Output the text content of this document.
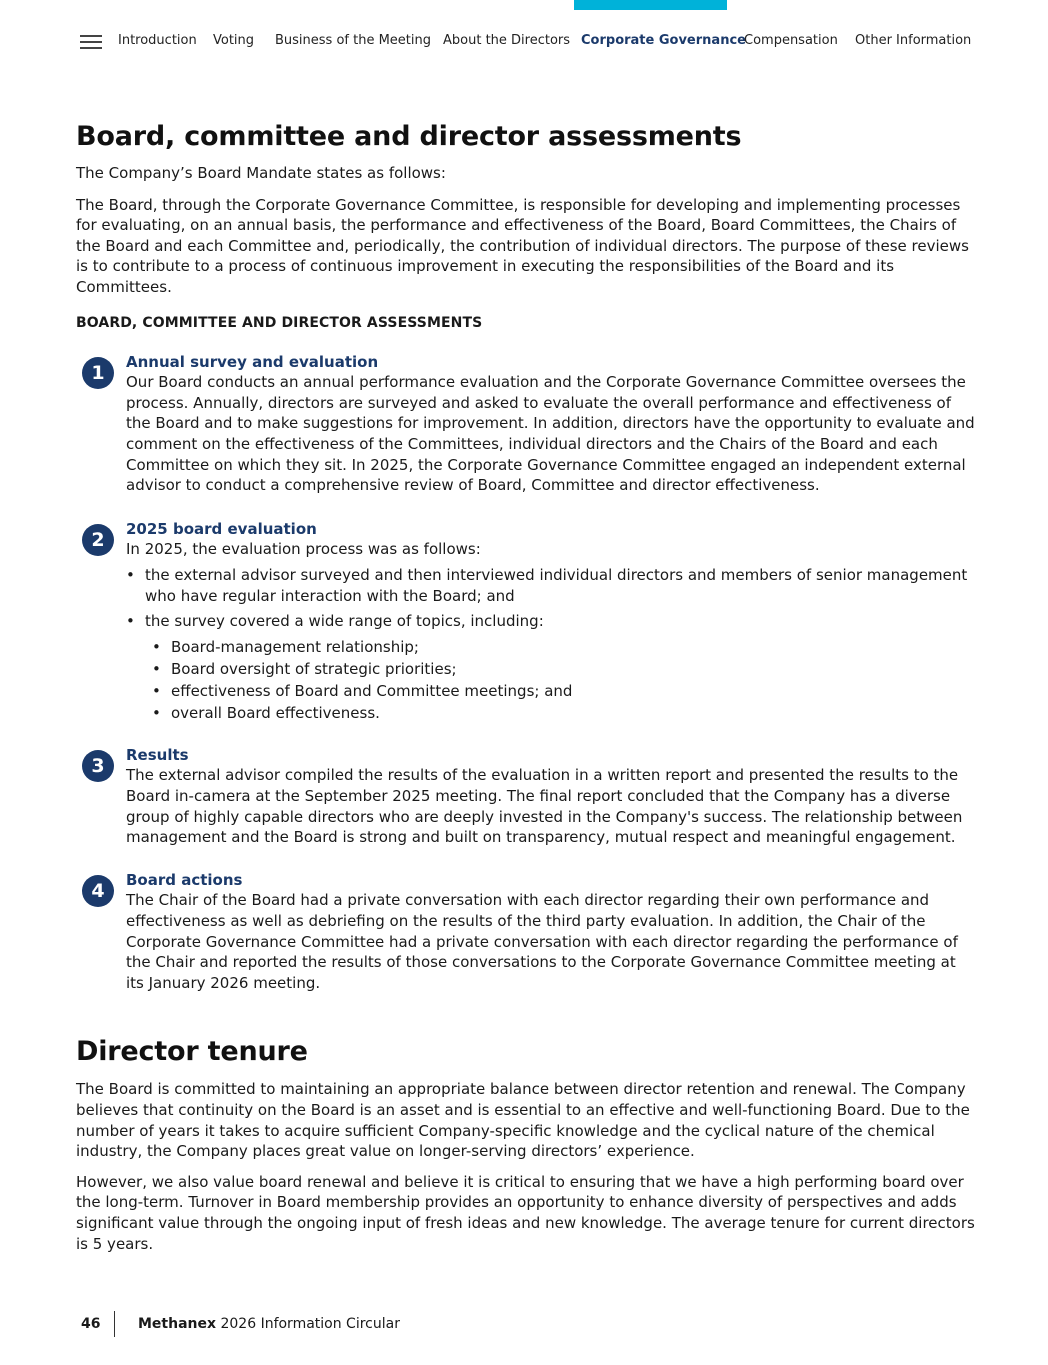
Introduction Voting Business of the Meeting About the Directors Corporate Governance
Compensation Other Information
Board, committee and director assessments

The Company’s Board Mandate states as follows:

The Board, through the Corporate Governance Committee, is responsible for developing and implementing processes for evaluating, on an annual basis, the performance and effectiveness of the Board, Board Committees, the Chairs of the Board and each Committee and, periodically, the contribution of individual directors. The purpose of these reviews is to contribute to a process of continuous improvement in executing the responsibilities of the Board and its Committees.

BOARD, COMMITTEE AND DIRECTOR ASSESSMENTS
1	Annual survey and evaluation

Our Board conducts an annual performance evaluation and the Corporate Governance Committee oversees the process. Annually, directors are surveyed and asked to evaluate the overall performance and effectiveness of the Board and to make suggestions for improvement. In addition, directors have the opportunity to evaluate and comment on the effectiveness of the Committees, individual directors and the Chairs of the Board and each Committee on which they sit. In 2025, the Corporate Governance Committee engaged an independent external advisor to conduct a comprehensive review of Board, Committee and director effectiveness.

2	2025 board evaluation

In 2025, the evaluation process was as follows:

• the external advisor surveyed and then interviewed individual directors and members of senior management who have regular interaction with the Board; and
• the survey covered a wide range of topics, including:
• Board-management relationship;
• Board oversight of strategic priorities;
• effectiveness of Board and Committee meetings; and
• overall Board effectiveness.
3	Results

The external advisor compiled the results of the evaluation in a written report and presented the results to the Board in-camera at the September 2025 meeting. The final report concluded that the Company has a diverse group of highly capable directors who are deeply invested in the Company's success. The relationship between management and the Board is strong and built on transparency, mutual respect and meaningful engagement.

4	Board actions

The Chair of the Board had a private conversation with each director regarding their own performance and effectiveness as well as debriefing on the results of the third party evaluation. In addition, the Chair of the Corporate Governance Committee had a private conversation with each director regarding the performance of the Chair and reported the results of those conversations to the Corporate Governance Committee meeting at its January 2026 meeting.

Director tenure

The Board is committed to maintaining an appropriate balance between director retention and renewal. The Company believes that continuity on the Board is an asset and is essential to an effective and well-functioning Board. Due to the number of years it takes to acquire sufficient Company-specific knowledge and the cyclical nature of the chemical industry, the Company places great value on longer-serving directors’ experience.

However, we also value board renewal and believe it is critical to ensuring that we have a high performing board over the long-term. Turnover in Board membership provides an opportunity to enhance diversity of perspectives and adds significant value through the ongoing input of fresh ideas and new knowledge. The average tenure for current directors is 5 years.

46	Methanex 2026 Information Circular
